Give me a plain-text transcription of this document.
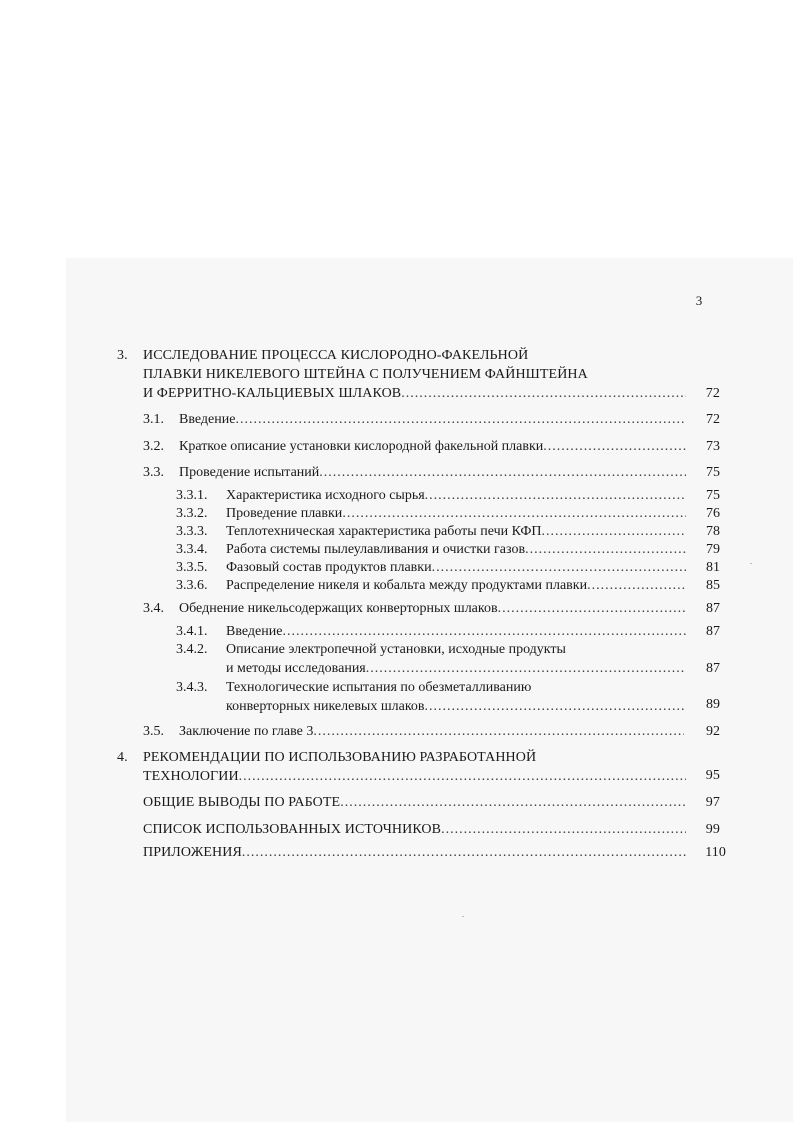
3
3. ИССЛЕДОВАНИЕ ПРОЦЕССА КИСЛОРОДНО-ФАКЕЛЬНОЙ
ПЛАВКИ НИКЕЛЕВОГО ШТЕЙНА С ПОЛУЧЕНИЕМ ФАЙНШТЕЙНА
И ФЕРРИТНО-КАЛЬЦИЕВЫХ ШЛАКОВ .....	72
3.1. Введение .....	72
3.2. Краткое описание установки кислородной факельной плавки .....	73
3.3. Проведение испытаний .....	75
3.3.1. Характеристика исходного сырья .....	75
3.3.2. Проведение плавки .....	76
3.3.3. Теплотехническая характеристика работы печи КФП .....	78
3.3.4. Работа системы пылеулавливания и очистки газов .....	79
3.3.5. Фазовый состав продуктов плавки .....	81
3.3.6. Распределение никеля и кобальта между продуктами плавки .....	85
3.4. Обеднение никельсодержащих конверторных шлаков .....	87
3.4.1. Введение .....	87
3.4.2. Описание электропечной установки, исходные продукты
и методы исследования .....	87
3.4.3. Технологические испытания по обезметалливанию
конверторных никелевых шлаков .....	89
3.5. Заключение по главе 3 .....	92
4. РЕКОМЕНДАЦИИ ПО ИСПОЛЬЗОВАНИЮ РАЗРАБОТАННОЙ
ТЕХНОЛОГИИ .....	95
ОБЩИЕ ВЫВОДЫ ПО РАБОТЕ .....	97
СПИСОК ИСПОЛЬЗОВАННЫХ ИСТОЧНИКОВ .....	99
ПРИЛОЖЕНИЯ .....	110
